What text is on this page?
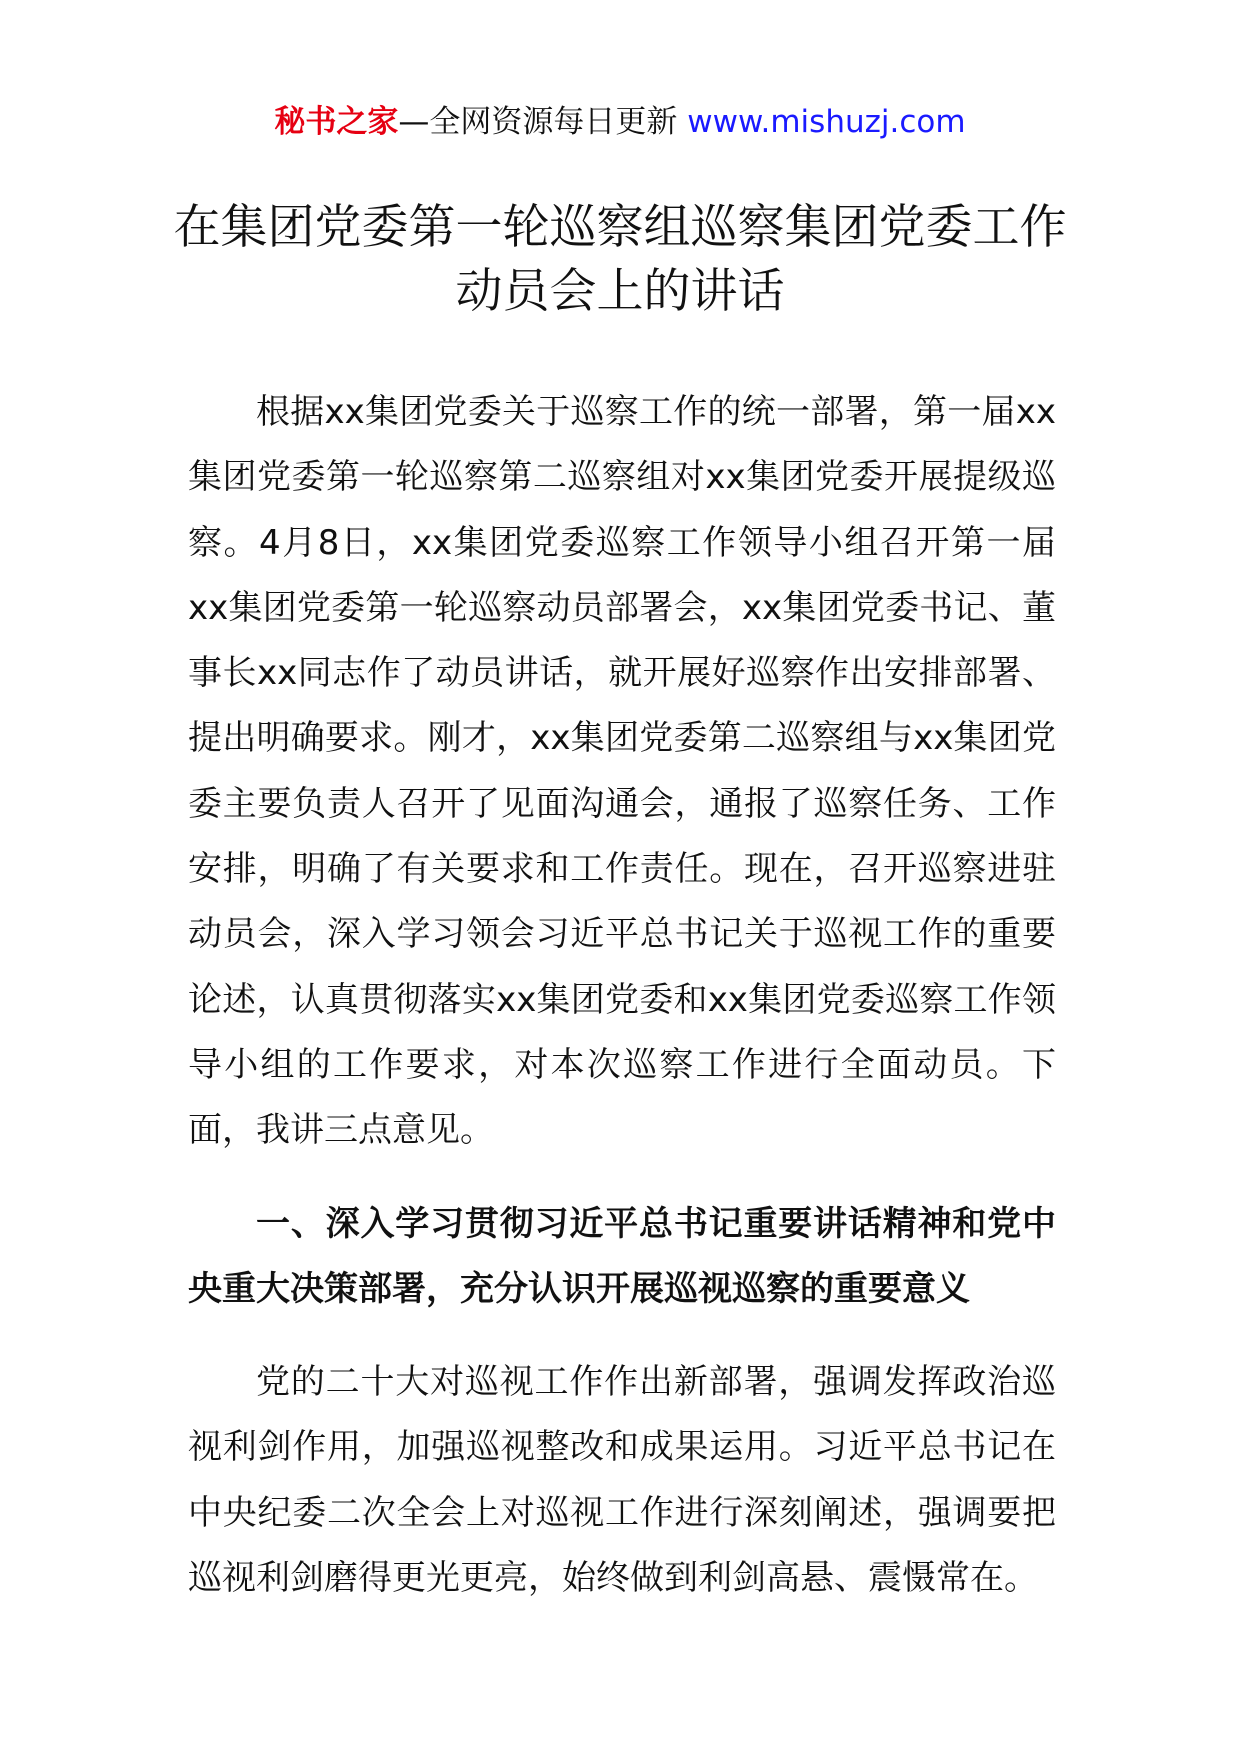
秘书之家—全网资源每日更新 www.mishuzj.com
在集团党委第一轮巡察组巡察集团党委工作动员会上的讲话

根据xx集团党委关于巡察工作的统一部署，第一届xx集团党委第一轮巡察第二巡察组对xx集团党委开展提级巡察。4月8日，xx集团党委巡察工作领导小组召开第一届xx集团党委第一轮巡察动员部署会，xx集团党委书记、董事长xx同志作了动员讲话，就开展好巡察作出安排部署、提出明确要求。刚才，xx集团党委第二巡察组与xx集团党委主要负责人召开了见面沟通会，通报了巡察任务、工作安排，明确了有关要求和工作责任。现在，召开巡察进驻动员会，深入学习领会习近平总书记关于巡视工作的重要论述，认真贯彻落实xx集团党委和xx集团党委巡察工作领导小组的工作要求，对本次巡察工作进行全面动员。下面，我讲三点意见。

一、深入学习贯彻习近平总书记重要讲话精神和党中央重大决策部署，充分认识开展巡视巡察的重要意义

党的二十大对巡视工作作出新部署，强调发挥政治巡视利剑作用，加强巡视整改和成果运用。习近平总书记在中央纪委二次全会上对巡视工作进行深刻阐述，强调要把巡视利剑磨得更光更亮，始终做到利剑高悬、震慑常在。
